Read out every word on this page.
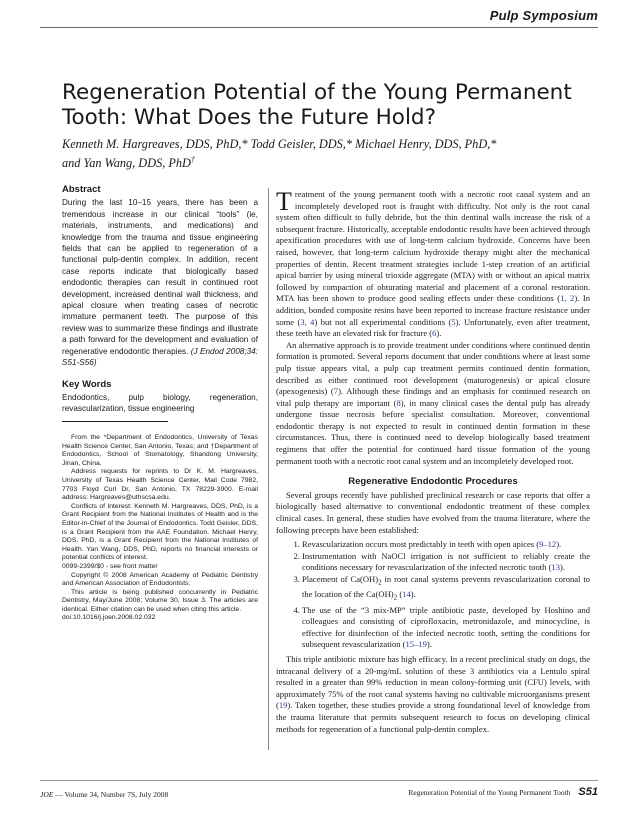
Pulp Symposium
Regeneration Potential of the Young Permanent Tooth: What Does the Future Hold?
Kenneth M. Hargreaves, DDS, PhD,* Todd Geisler, DDS,* Michael Henry, DDS, PhD,*
and Yan Wang, DDS, PhD†
Abstract

During the last 10–15 years, there has been a tremendous increase in our clinical “tools” (ie, materials, instruments, and medications) and knowledge from the trauma and tissue engineering fields that can be applied to regeneration of a functional pulp-dentin complex. In addition, recent case reports indicate that biologically based endodontic therapies can result in continued root development, increased dentinal wall thickness, and apical closure when treating cases of necrotic immature permanent teeth. The purpose of this review was to summarize these findings and illustrate a path forward for the development and evaluation of regenerative endodontic therapies. (J Endod 2008;34: S51-S56)

Key Words

Endodontics, pulp biology, regeneration, revascularization, tissue engineering

From the *Department of Endodontics, University of Texas Health Science Center, San Antonio, Texas; and †Department of Endodontics, School of Stomatology, Shandong University, Jinan, China.

Address requests for reprints to Dr K. M. Hargreaves, University of Texas Health Science Center, Mail Code 7982, 7703 Floyd Curl Dr, San Antonio, TX 78229-3900. E-mail address: Hargreaves@uthscsa.edu.

Conflicts of Interest: Kenneth M. Hargreaves, DDS, PhD, is a Grant Recipient from the National Institutes of Health and is the Editor-in-Chief of the Journal of Endodontics. Todd Geisler, DDS, is a Grant Recipient from the AAE Foundation. Michael Henry, DDS, PhD, is a Grant Recipient from the National Institutes of Health. Yan Wang, DDS, PhD, reports no financial interests or potential conflicts of interest.

0099-2399/$0 - see front matter

Copyright © 2008 American Academy of Pediatric Dentistry and American Association of Endodontists.

This article is being published concurrently in Pediatric Dentistry, May/June 2008; Volume 30, Issue 3. The articles are identical. Either citation can be used when citing this article.

doi:10.1016/j.joen.2008.02.032

Treatment of the young permanent tooth with a necrotic root canal system and an incompletely developed root is fraught with difficulty. Not only is the root canal system often difficult to fully debride, but the thin dentinal walls increase the risk of a subsequent fracture. Historically, acceptable endodontic results have been achieved through apexification procedures with use of long-term calcium hydroxide. Concerns have been raised, however, that long-term calcium hydroxide therapy might alter the mechanical properties of dentin. Recent treatment strategies include 1-step creation of an artificial apical barrier by using mineral trioxide aggregate (MTA) with or without an apical matrix followed by compaction of obturating material and placement of a coronal restoration. MTA has been shown to produce good sealing effects under these conditions (1, 2). In addition, bonded composite resins have been reported to increase fracture resistance under some (3, 4) but not all experimental conditions (5). Unfortunately, even after treatment, these teeth have an elevated risk for fracture (6).

An alternative approach is to provide treatment under conditions where continued dentin formation is promoted. Several reports document that under conditions where at least some pulp tissue appears vital, a pulp cap treatment permits continued dentin formation, described as either continued root development (maturogenesis) or apical closure (apexogenesis) (7). Although these findings and an emphasis for continued research on vital pulp therapy are important (8), in many clinical cases the dental pulp has already undergone tissue necrosis before specialist consultation. Moreover, conventional endodontic therapy is not expected to result in continued dentin formation in these circumstances. Thus, there is continued need to develop biologically based treatment regimens that offer the potential for continued hard tissue formation of the young permanent tooth with a necrotic root canal system and an incompletely developed root.

Regenerative Endodontic Procedures

Several groups recently have published preclinical research or case reports that offer a biologically based alternative to conventional endodontic treatment of these complex clinical cases. In general, these studies have evolved from the trauma literature, where the following precepts have been established:

1. Revascularization occurs most predictably in teeth with open apices (9–12).
2. Instrumentation with NaOCl irrigation is not sufficient to reliably create the conditions necessary for revascularization of the infected necrotic tooth (13).
3. Placement of $Ca(OH)_2$ in root canal systems prevents revascularization coronal to the location of the $Ca(OH)_2$ (14).
4. The use of the “3 mix-MP” triple antibiotic paste, developed by Hoshino and colleagues and consisting of ciprofloxacin, metronidazole, and minocycline, is effective for disinfection of the infected necrotic tooth, setting the conditions for subsequent revascularization (15–19).

This triple antibiotic mixture has high efficacy. In a recent preclinical study on dogs, the intracanal delivery of a 20-mg/mL solution of these 3 antibiotics via a Lentulo spiral resulted in a greater than 99% reduction in mean colony-forming unit (CFU) levels, with approximately 75% of the root canal systems having no cultivable microorganisms present (19). Taken together, these studies provide a strong foundational level of knowledge from the trauma literature that permits subsequent research to focus on developing clinical methods for regeneration of a functional pulp-dentin complex.

JOE — Volume 34, Number 7S, July 2008	Regeneration Potential of the Young Permanent Tooth S51
